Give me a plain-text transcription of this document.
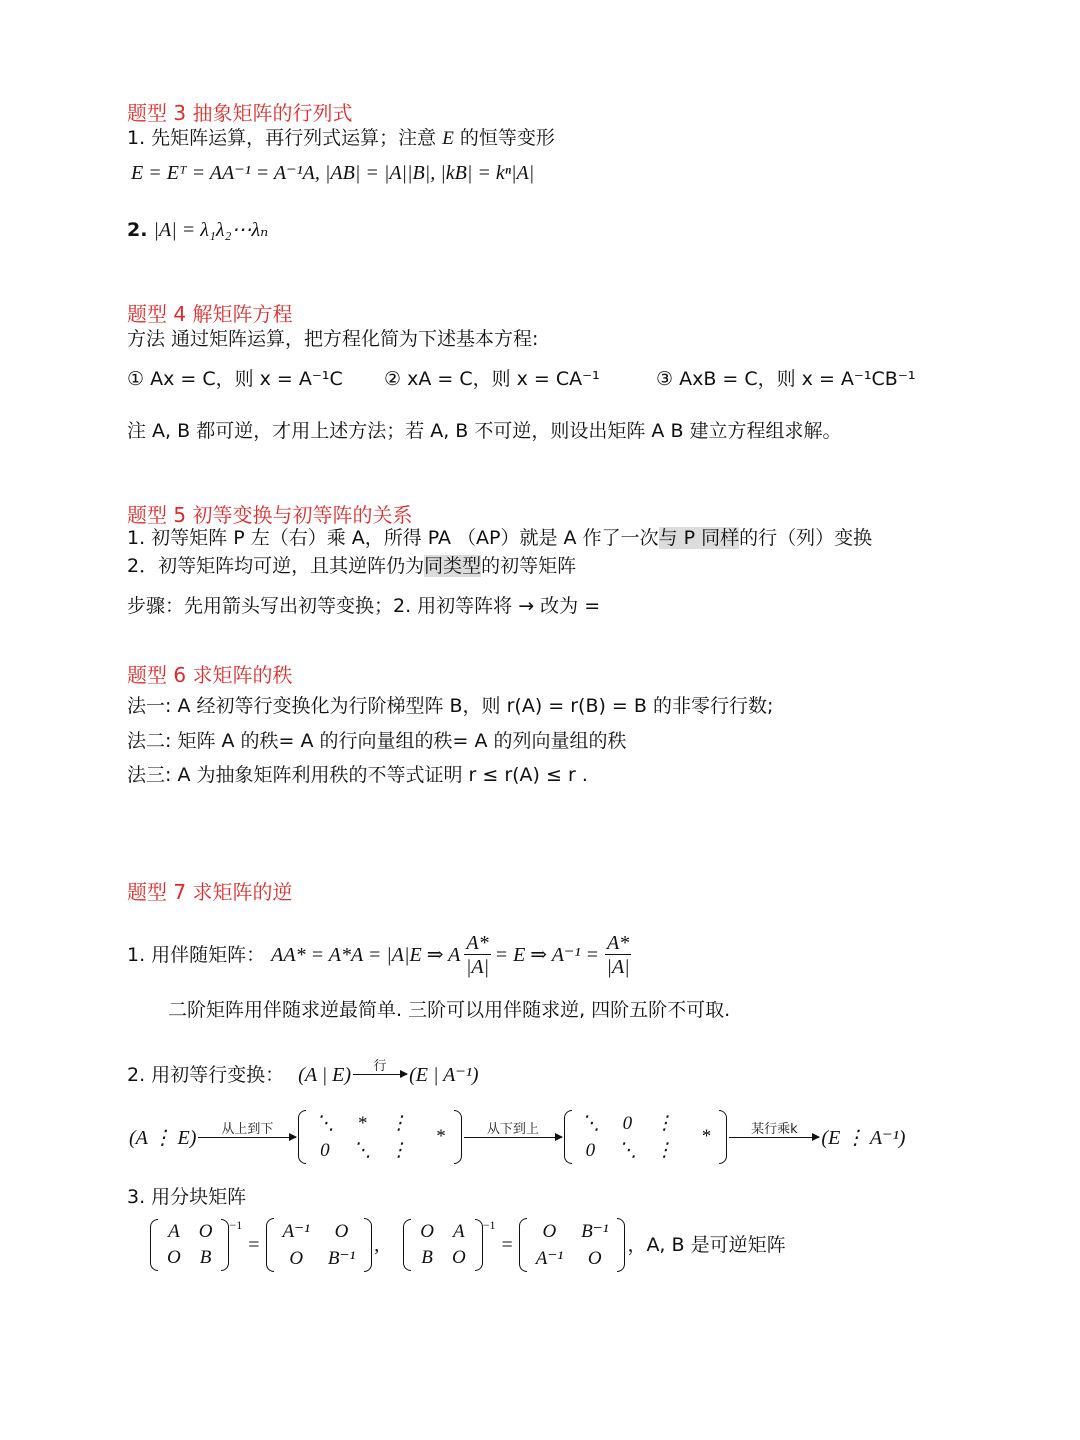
题型 3 抽象矩阵的行列式
1. 先矩阵运算，再行列式运算；注意 E 的恒等变形
E = Eᵀ = AA⁻¹ = A⁻¹A, |AB| = |A||B|, |kB| = kⁿ|A|
2. |A| = λ₁λ₂⋯λₙ
题型 4 解矩阵方程
方法 通过矩阵运算，把方程化简为下述基本方程:
① Ax = C，则 x = A⁻¹C ② xA = C，则 x = CA⁻¹	③ AxB = C，则 x = A⁻¹CB⁻¹
注 A, B 都可逆，才用上述方法；若 A, B 不可逆，则设出矩阵 A B 建立方程组求解。
题型 5 初等变换与初等阵的关系
1. 初等矩阵 P 左（右）乘 A，所得 PA （AP）就是 A 作了一次与 P 同样的行（列）变换
2．初等矩阵均可逆，且其逆阵仍为同类型的初等矩阵
步骤：先用箭头写出初等变换；2. 用初等阵将 → 改为 =
题型 6 求矩阵的秩
法一: A 经初等行变换化为行阶梯型阵 B，则 r(A) = r(B) = B 的非零行行数;
法二: 矩阵 A 的秩= A 的行向量组的秩= A 的列向量组的秩
法三: A 为抽象矩阵利用秩的不等式证明 r ≤ r(A) ≤ r .
题型 7 求矩阵的逆
1. 用伴随矩阵： AA* = A*A = |A|E ⇒ A $\frac{A*}{|A|} = E$ ⇒ $A^{-1} = \frac{A*}{|A|}$
二阶矩阵用伴随求逆最简单. 三阶可以用伴随求逆, 四阶五阶不可取.
2. 用初等行变换： (A | E)	行
	(E | A⁻¹)
(A ⋮ E)	从上到下
	⋱	*	⋮	*
0	⋱	⋮	
从下到上
	⋱	0	⋮	*
0	⋱	⋮	
某行乘k
	(E ⋮ A⁻¹)
3. 用分块矩阵
A	O
O	B
$^{-1}$
=
A⁻¹	O
O	B⁻¹
,
O	A
B	O
$^{-1}$
=
O	B⁻¹
A⁻¹	O
，A, B 是可逆矩阵
